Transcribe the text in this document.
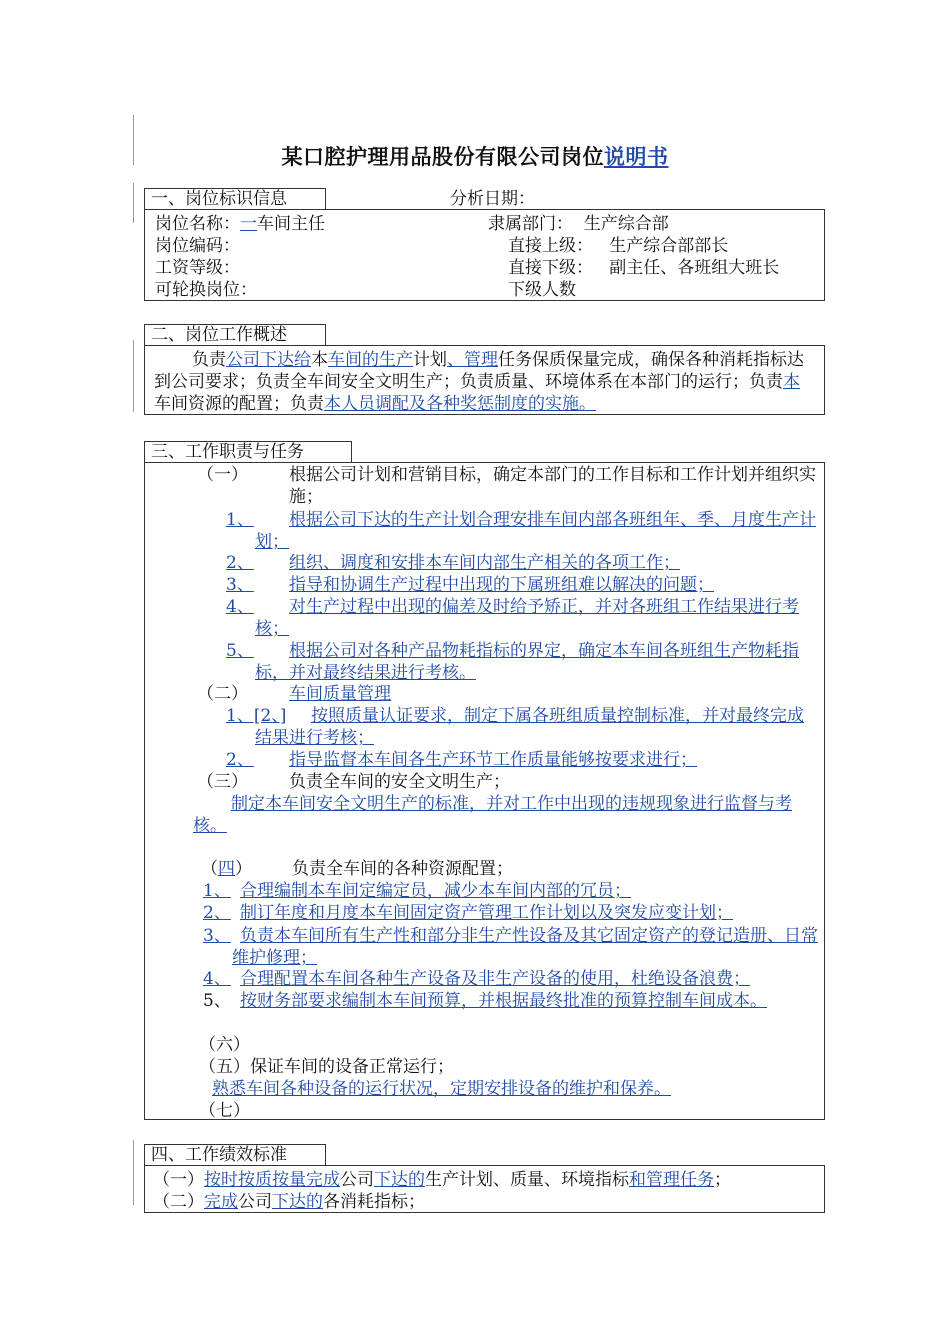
某口腔护理用品股份有限公司岗位说明书
一、岗位标识信息	分析日期：
岗位名称：一车间主任	隶属部门： 生产综合部
岗位编码：	直接上级： 生产综合部部长
工资等级：	直接下级： 副主任、各班组大班长
可轮换岗位：	下级人数
二、岗位工作概述
负责公司下达给本车间的生产计划、管理任务保质保量完成，确保各种消耗指标达到公司要求；负责全车间安全文明生产；负责质量、环境体系在本部门的运行；负责本车间资源的配置；负责本人员调配及各种奖惩制度的实施。
三、工作职责与任务
（一） 根据公司计划和营销目标，确定本部门的工作目标和工作计划并组织实施；
1、	根据公司下达的生产计划合理安排车间内部各班组年、季、月度生产计划；
2、	组织、调度和安排本车间内部生产相关的各项工作；
3、	指导和协调生产过程中出现的下属班组难以解决的问题；
4、	对生产过程中出现的偏差及时给予矫正，并对各班组工作结果进行考核；
5、	根据公司对各种产品物耗指标的界定，确定本车间各班组生产物耗指标，并对最终结果进行考核。
（二） 车间质量管理
1、[2、]	按照质量认证要求，制定下属各班组质量控制标准，并对最终完成结果进行考核；
2、	指导监督本车间各生产环节工作质量能够按要求进行；
（三） 负责全车间的安全文明生产；
制定本车间安全文明生产的标准，并对工作中出现的违规现象进行监督与考核。
（四） 负责全车间的各种资源配置；
1、 合理编制本车间定编定员，减少本车间内部的冗员；
2、 制订年度和月度本车间固定资产管理工作计划以及突发应变计划；
3、 负责本车间所有生产性和部分非生产性设备及其它固定资产的登记造册、日常维护修理；
4、 合理配置本车间各种生产设备及非生产设备的使用，杜绝设备浪费；
5、 按财务部要求编制本车间预算，并根据最终批准的预算控制车间成本。
（六）
（五）保证车间的设备正常运行；
熟悉车间各种设备的运行状况，定期安排设备的维护和保养。
（七）
四、工作绩效标准
（一）按时按质按量完成公司下达的生产计划、质量、环境指标和管理任务；
（二）完成公司下达的各消耗指标；
